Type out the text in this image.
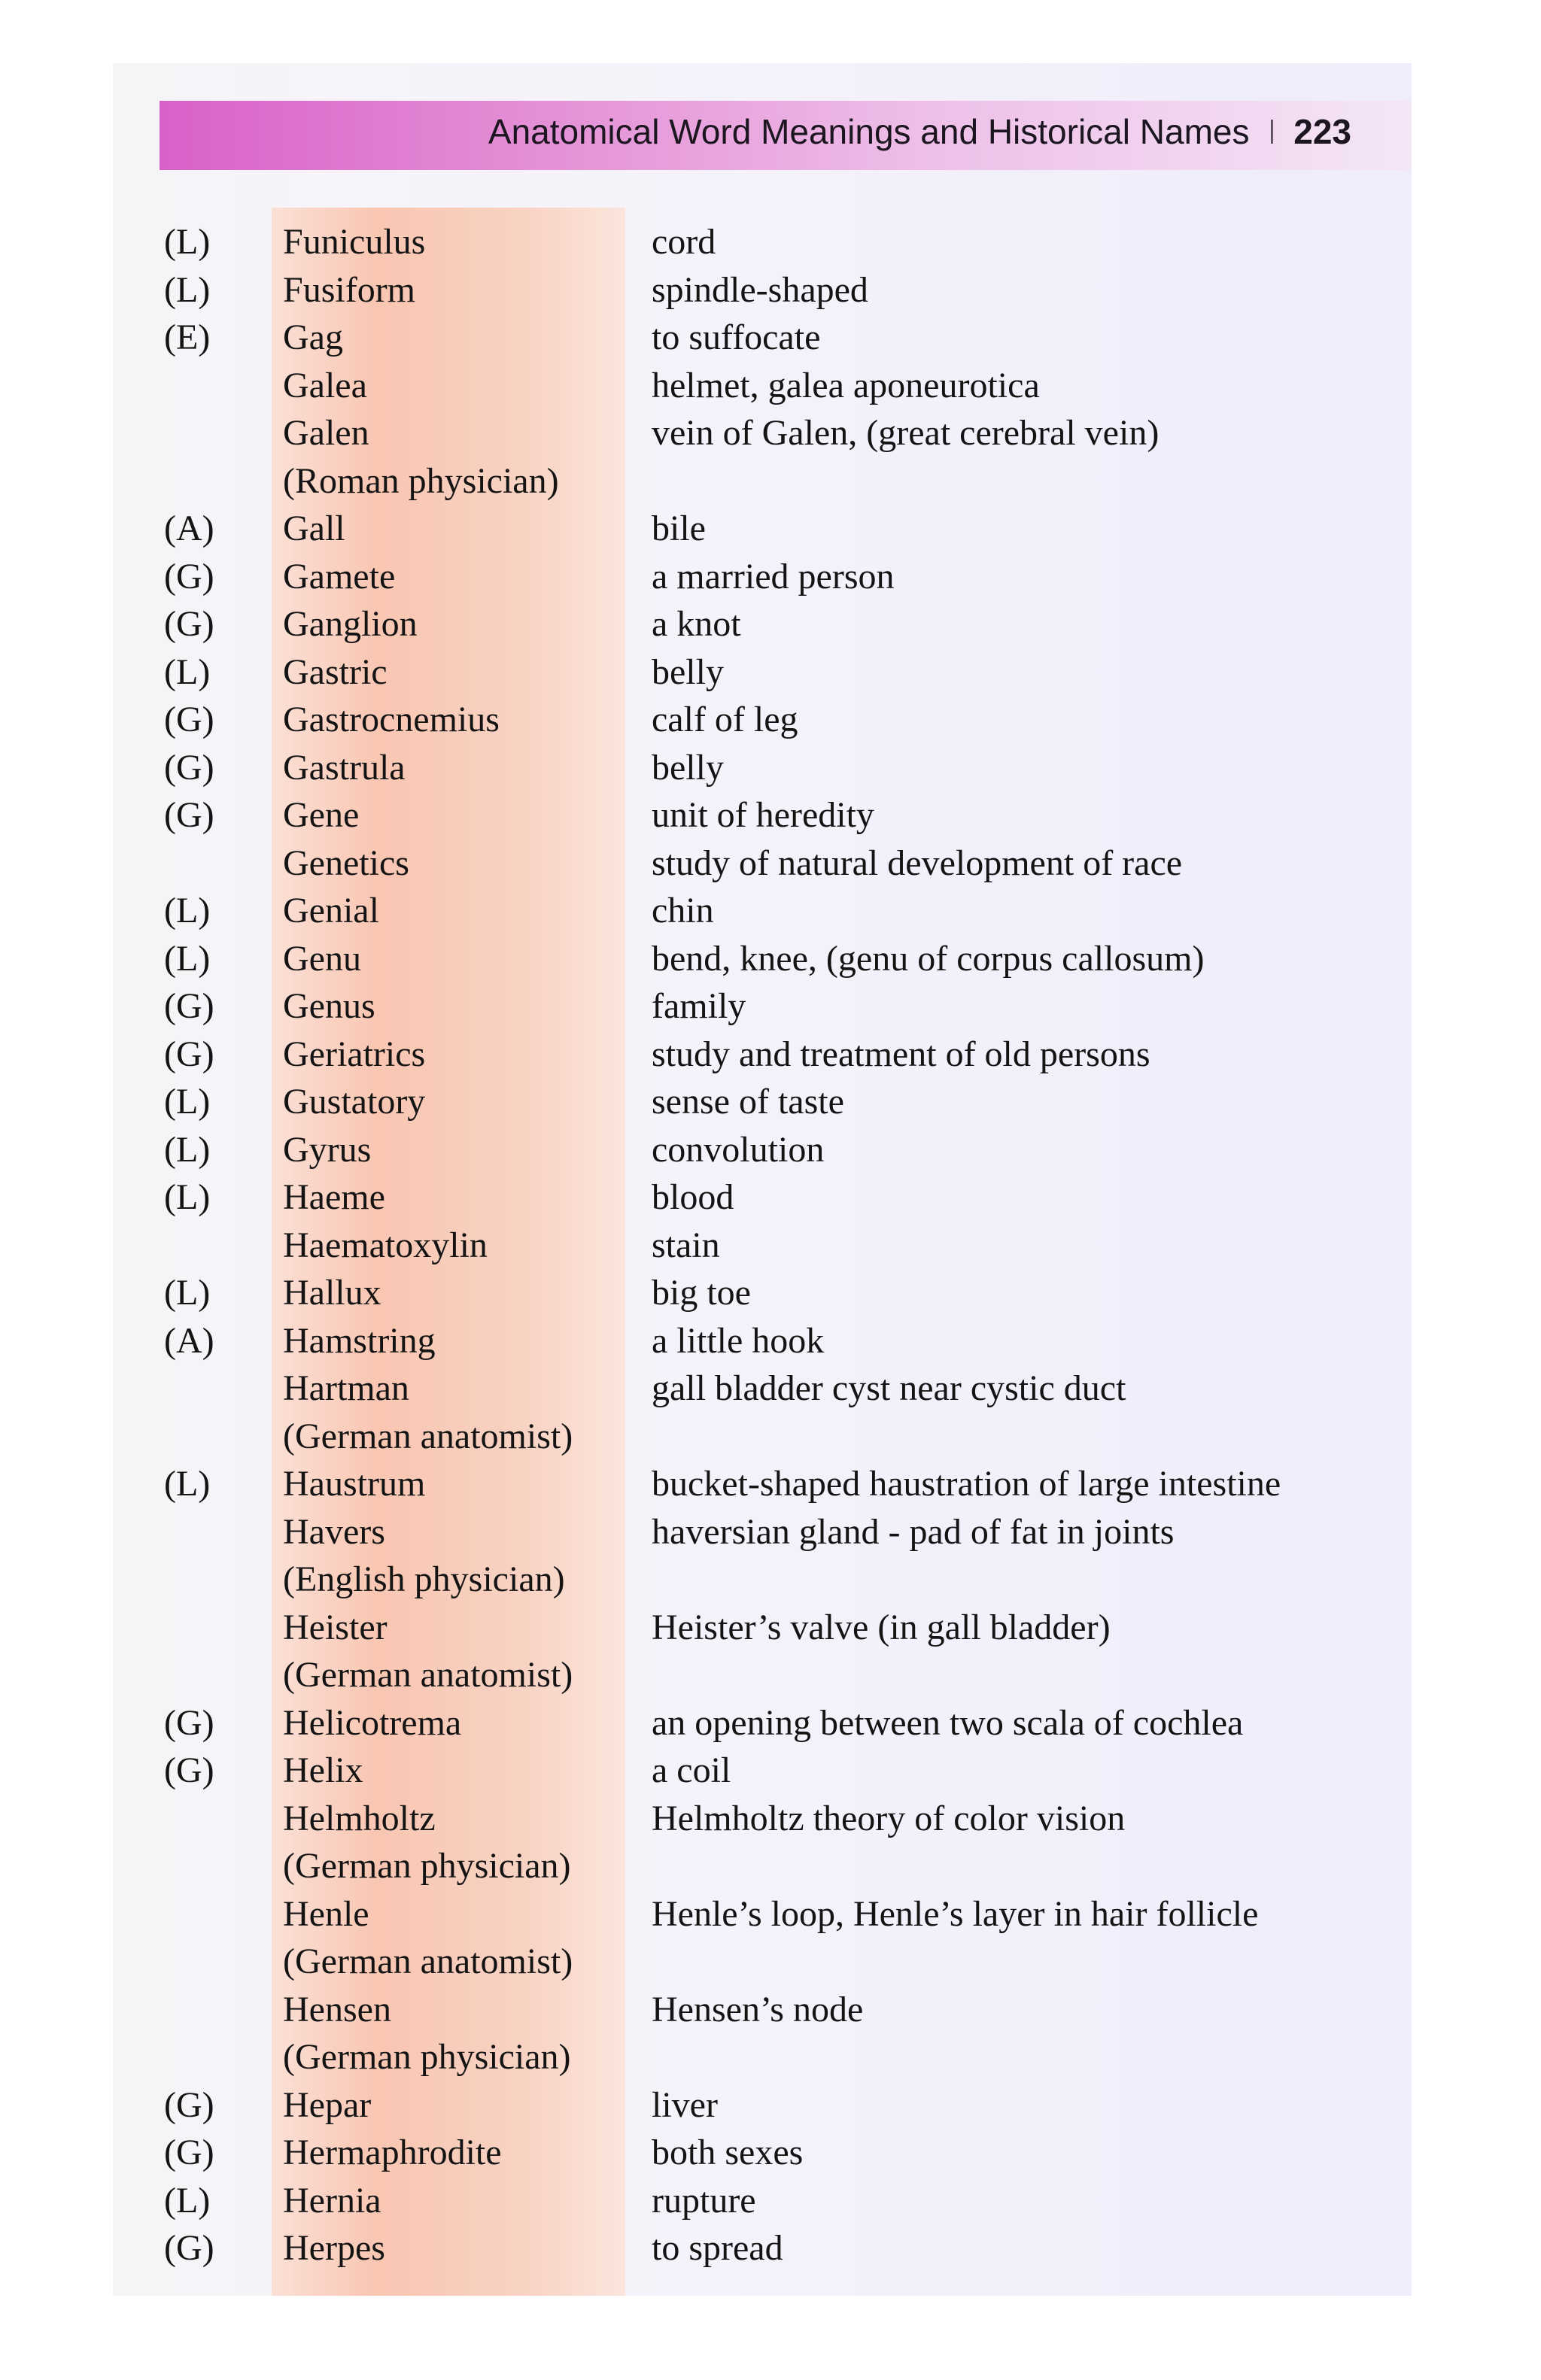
Anatomical Word Meanings and Historical Names I 223
(L) Funiculus	cord
(L) Fusiform	spindle-shaped
(E) Gag	to suffocate
Galea	helmet, galea aponeurotica
Galen	vein of Galen, (great cerebral vein)
(Roman physician)
(A) Gall	bile
(G) Gamete	a married person
(G) Ganglion	a knot
(L) Gastric	belly
(G) Gastrocnemius	calf of leg
(G) Gastrula	belly
(G) Gene	unit of heredity
Genetics	study of natural development of race
(L) Genial	chin
(L) Genu	bend, knee, (genu of corpus callosum)
(G) Genus	family
(G) Geriatrics	study and treatment of old persons
(L) Gustatory	sense of taste
(L) Gyrus	convolution
(L) Haeme	blood
Haematoxylin	stain
(L) Hallux	big toe
(A) Hamstring	a little hook
Hartman	gall bladder cyst near cystic duct
(German anatomist)
(L) Haustrum	bucket-shaped haustration of large intestine
Havers	haversian gland - pad of fat in joints
(English physician)
Heister	Heister’s valve (in gall bladder)
(German anatomist)
(G) Helicotrema	an opening between two scala of cochlea
(G) Helix	a coil
Helmholtz	Helmholtz theory of color vision
(German physician)
Henle	Henle’s loop, Henle’s layer in hair follicle
(German anatomist)
Hensen	Hensen’s node
(German physician)
(G) Hepar	liver
(G) Hermaphrodite	both sexes
(L) Hernia	rupture
(G) Herpes	to spread
